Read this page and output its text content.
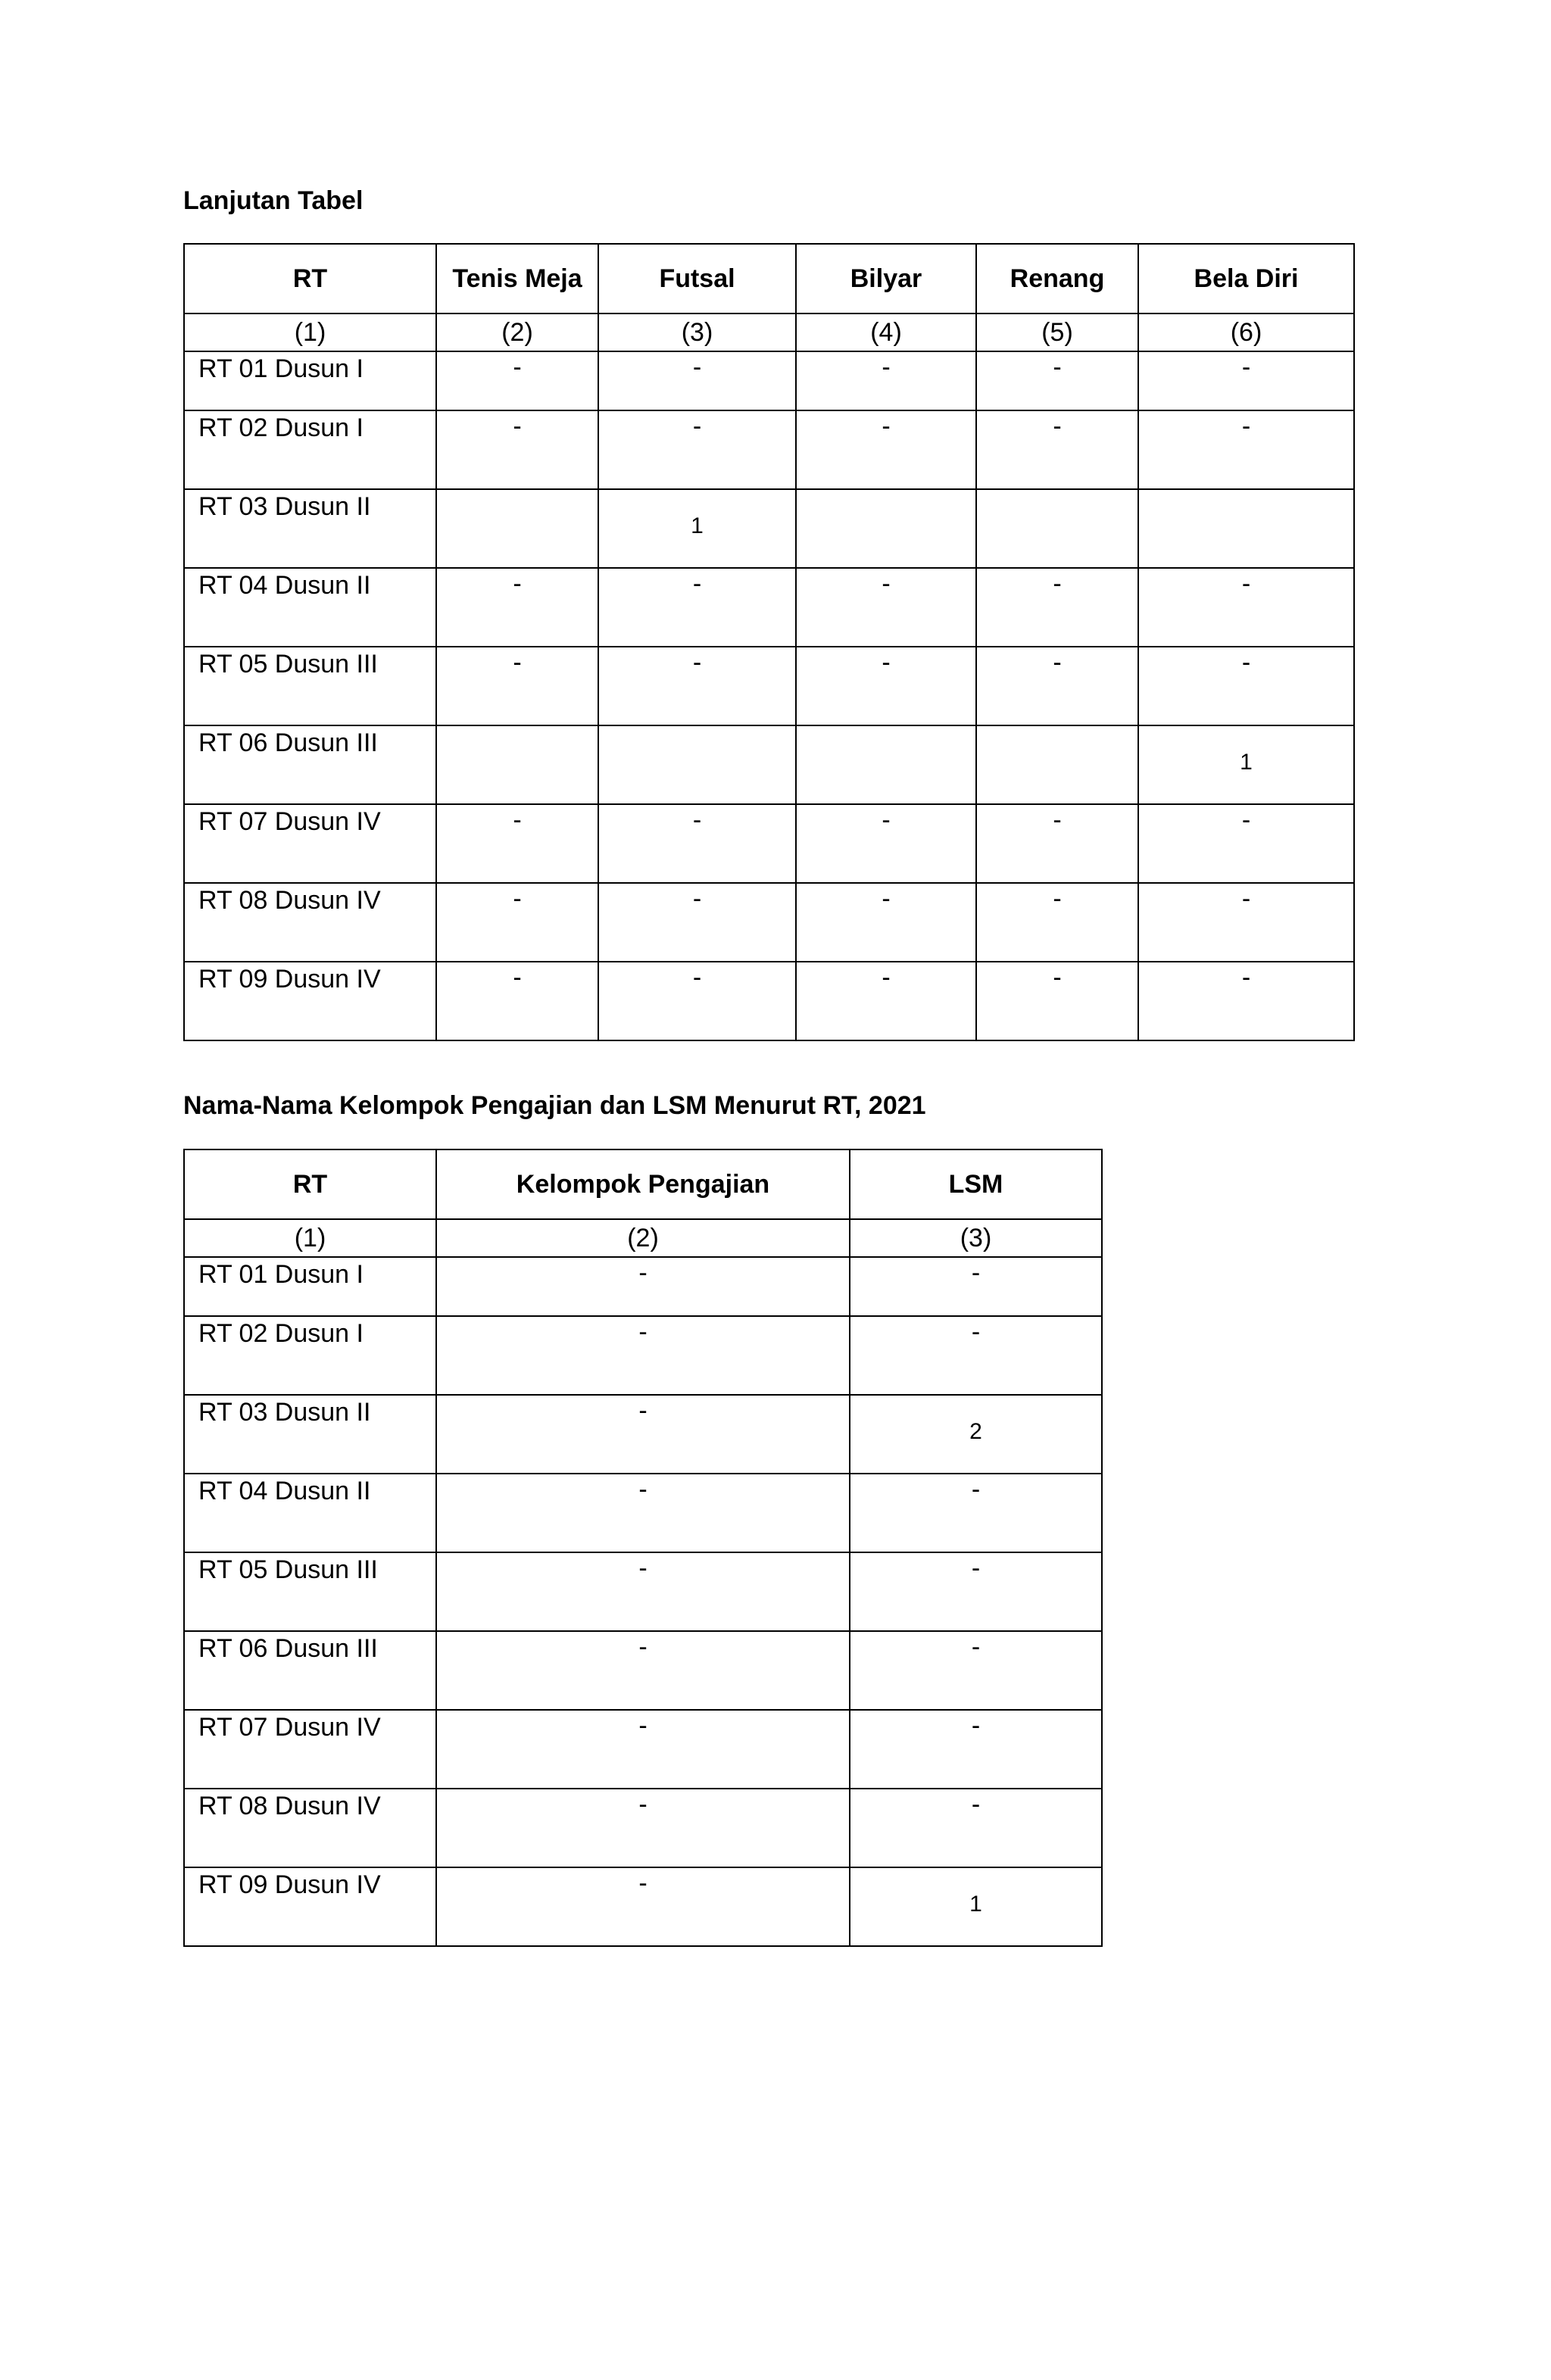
Lanjutan Tabel
RT	Tenis Meja	Futsal	Bilyar	Renang	Bela Diri
(1)	(2)	(3)	(4)	(5)	(6)
RT 01 Dusun I	-	-	-	-	-

RT 02 Dusun I	-	-	-	-	-

RT 03 Dusun II		1			

RT 04 Dusun II	-	-	-	-	-

RT 05 Dusun III	-	-	-	-	-

RT 06 Dusun III					1

RT 07 Dusun IV	-	-	-	-	-

RT 08 Dusun IV	-	-	-	-	-

RT 09 Dusun IV	-	-	-	-	-
Nama-Nama Kelompok Pengajian dan LSM Menurut RT, 2021
RT	Kelompok Pengajian	LSM
(1)	(2)	(3)
RT 01 Dusun I	-	-

RT 02 Dusun I	-	-

RT 03 Dusun II	-	2

RT 04 Dusun II	-	-

RT 05 Dusun III	-	-

RT 06 Dusun III	-	-

RT 07 Dusun IV	-	-

RT 08 Dusun IV	-	-

RT 09 Dusun IV	-	1
